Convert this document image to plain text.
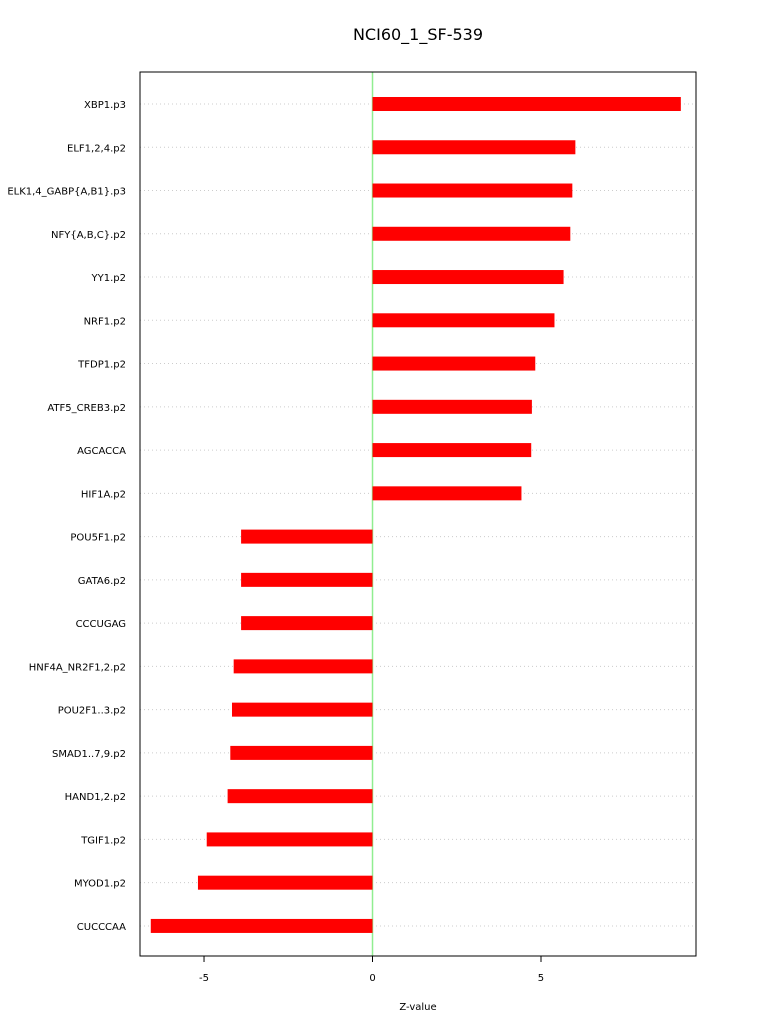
NCI60_1_SF-539
XBP1.p3
ELF1,2,4.p2
ELK1,4_GABP{A,B1}.p3
NFY{A,B,C}.p2
YY1.p2
NRF1.p2
TFDP1.p2
ATF5_CREB3.p2
AGCACCA
HIF1A.p2
POU5F1.p2
GATA6.p2
CCCUGAG
HNF4A_NR2F1,2.p2
POU2F1..3.p2
SMAD1..7,9.p2
HAND1,2.p2
TGIF1.p2
MYOD1.p2
CUCCCAA
-5	0	5
Z-value
